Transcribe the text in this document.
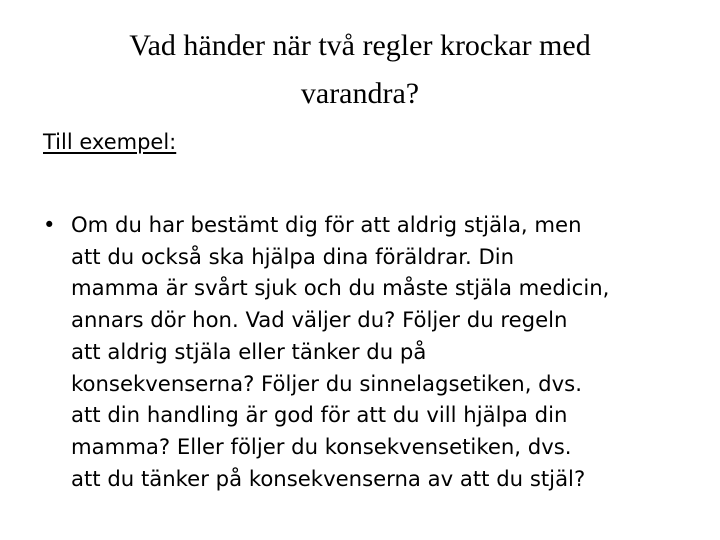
Vad händer när två regler krockar med
varandra?
Till exempel:
• Om du har bestämt dig för att aldrig stjäla, men
att du också ska hjälpa dina föräldrar. Din
mamma är svårt sjuk och du måste stjäla medicin,
annars dör hon. Vad väljer du? Följer du regeln
att aldrig stjäla eller tänker du på
konsekvenserna? Följer du sinnelagsetiken, dvs.
att din handling är god för att du vill hjälpa din
mamma? Eller följer du konsekvensetiken, dvs.
att du tänker på konsekvenserna av att du stjäl?
